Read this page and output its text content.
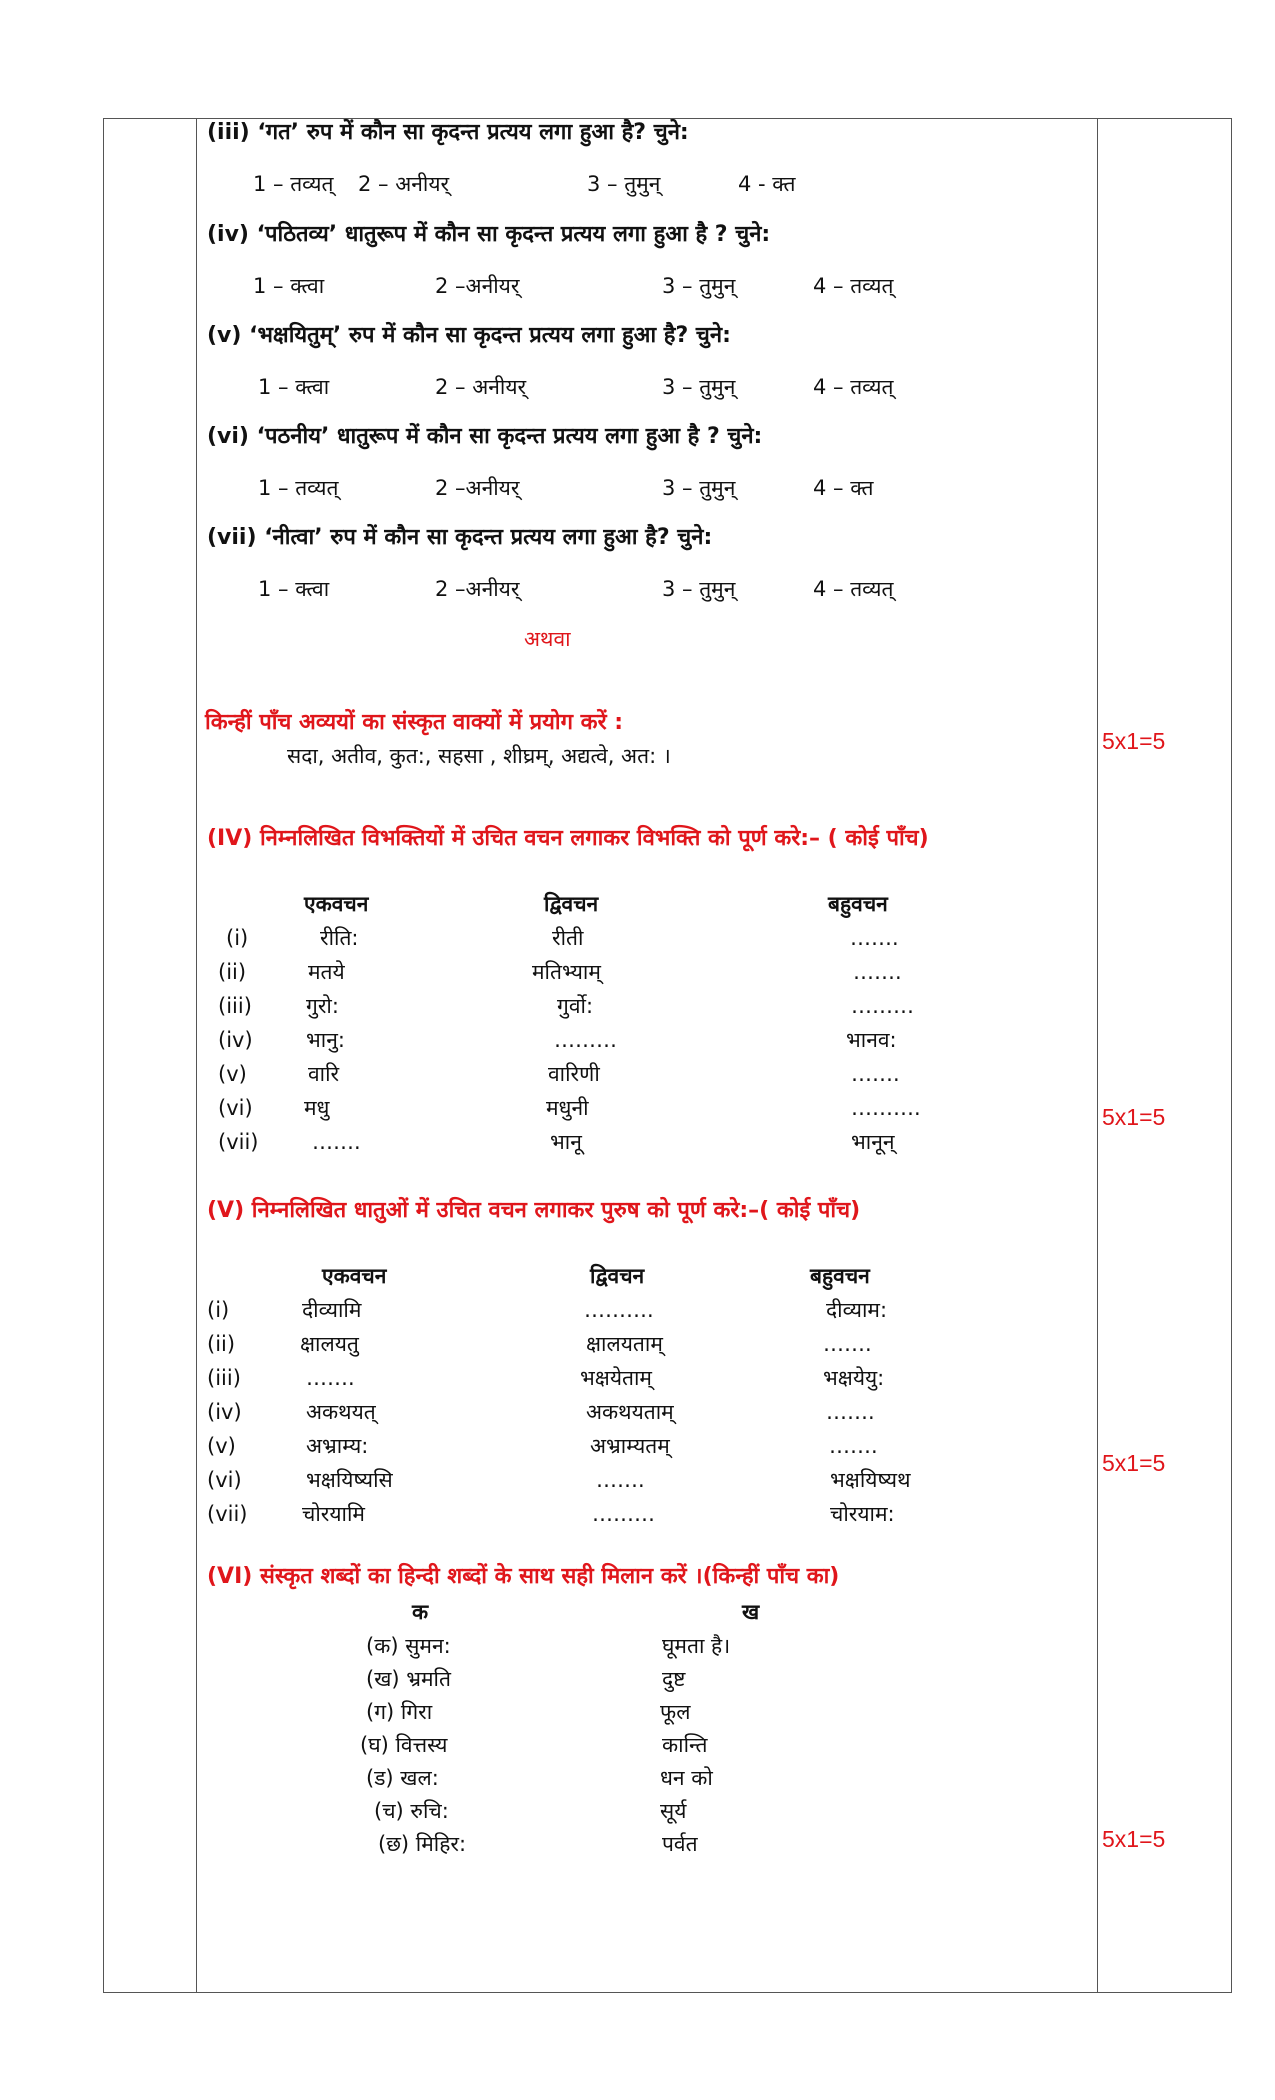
(iii) ‘गत’ रुप में कौन सा कृदन्त प्रत्यय लगा हुआ है? चुने:
1 – तव्यत् 2 – अनीयर्	3 – तुमुन्	4 - क्त
(iv) ‘पठितव्य’ धातुरूप में कौन सा कृदन्त प्रत्यय लगा हुआ है ? चुने:
1 – क्त्वा	2 –अनीयर्	3 – तुमुन्	4 – तव्यत्
(v) ‘भक्षयितुम्’ रुप में कौन सा कृदन्त प्रत्यय लगा हुआ है? चुने:
1 – क्त्वा	2 – अनीयर्	3 – तुमुन्	4 – तव्यत्
(vi) ‘पठनीय’ धातुरूप में कौन सा कृदन्त प्रत्यय लगा हुआ है ? चुने:
1 – तव्यत्	2 –अनीयर्	3 – तुमुन्	4 – क्त
(vii) ‘नीत्वा’ रुप में कौन सा कृदन्त प्रत्यय लगा हुआ है? चुने:
1 – क्त्वा	2 –अनीयर्	3 – तुमुन्	4 – तव्यत्
अथवा
किन्हीं पाँच अव्ययों का संस्कृत वाक्यों में प्रयोग करें :
सदा, अतीव, कुत:, सहसा , शीघ्रम्, अद्यत्वे, अत: ।
(IV) निम्नलिखित विभक्तियों में उचित वचन लगाकर विभक्ति को पूर्ण करे:– ( कोई पाँच)
एकवचन	द्विवचन	बहुवचन
(i)	रीति:	रीती	…….
(ii)	मतये	मतिभ्याम्	…….
(iii)	गुरो:	गुर्वो:	………
(iv)	भानु:	………	भानव:
(v)	वारि	वारिणी	…….
(vi) मधु	मधुनी	……….
(vii)	…….	भानू	भानून्
(V) निम्नलिखित धातुओं में उचित वचन लगाकर पुरुष को पूर्ण करे:–( कोई पाँच)
एकवचन	द्विवचन	बहुवचन
(i)	दीव्यामि	……….	दीव्याम:
(ii)	क्षालयतु	क्षालयताम्	…….
(iii)	…….	भक्षयेताम्	भक्षयेयु:
(iv)	अकथयत्	अकथयताम्	…….
(v)	अभ्राम्य:	अभ्राम्यतम्	…….
(vi)	भक्षयिष्यसि	…….	भक्षयिष्यथ
(vii)	चोरयामि	………	चोरयाम:
(VI) संस्कृत शब्दों का हिन्दी शब्दों के साथ सही मिलान करें ।(किन्हीं पाँच का)
क	ख
(क) सुमन:	घूमता है।
(ख) भ्रमति	दुष्ट
(ग) गिरा	फूल
(घ) वित्तस्य	कान्ति
(ड) खल:	धन को
(च) रुचि:	सूर्य
(छ) मिहिर:	पर्वत
5x1=5
5x1=5
5x1=5
5x1=5
